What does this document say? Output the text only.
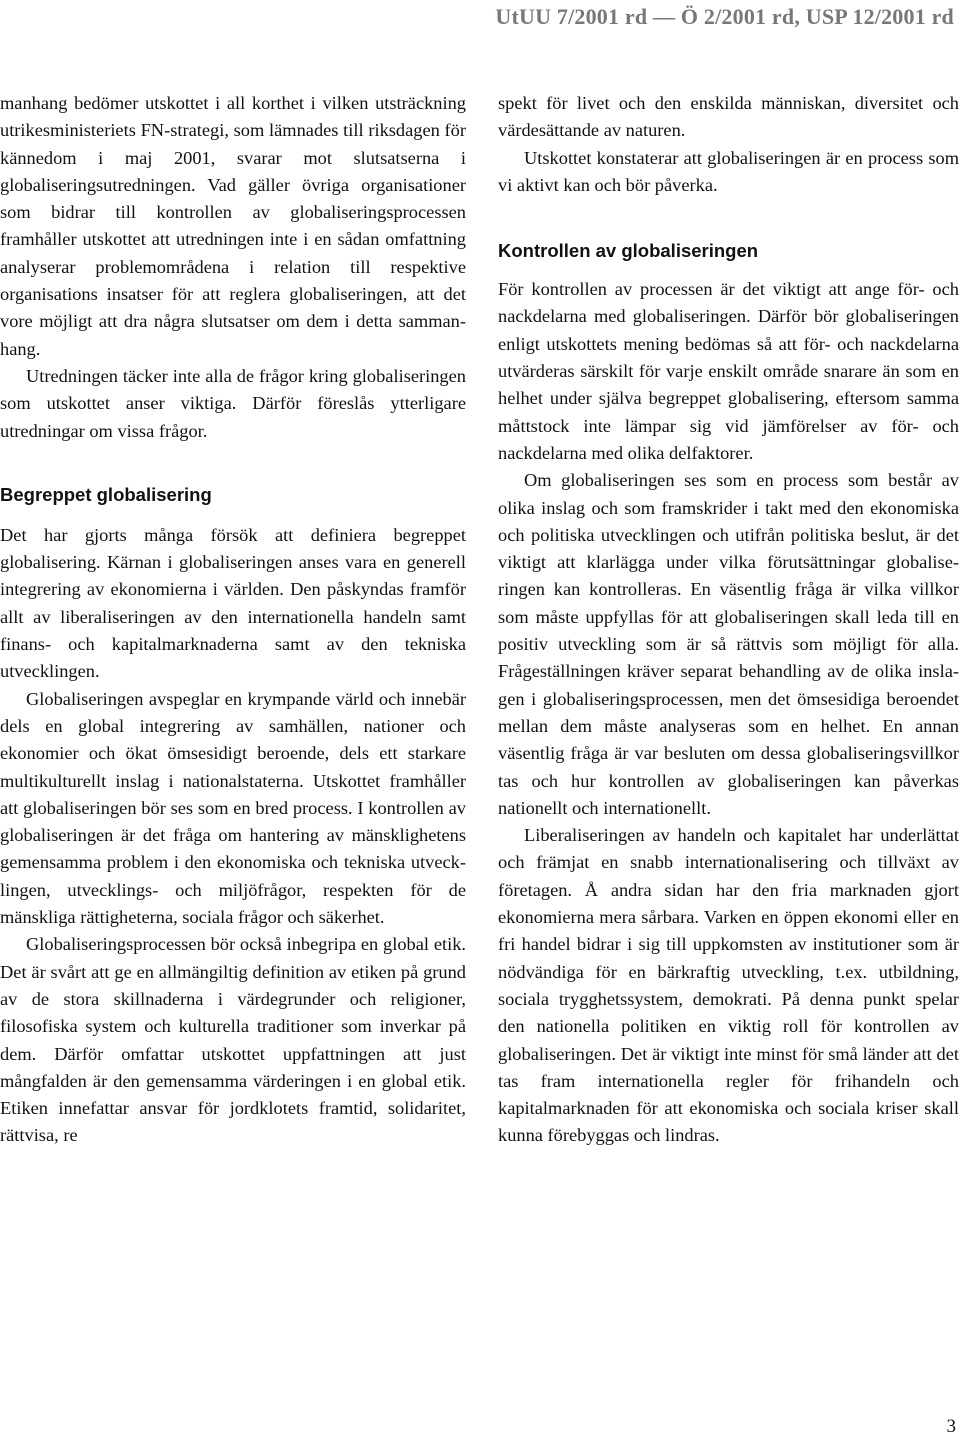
UtUU 7/2001 rd — Ö 2/2001 rd, USP 12/2001 rd

manhang bedömer utskottet i all korthet i vilken utsträckning utrikesministeriets FN-strategi, som lämnades till riksdagen för kännedom i maj 2001, svarar mot slutsatserna i globaliseringsutredningen. Vad gäller övriga organisationer som bidrar till kontrollen av globaliseringsprocessen framhåller utskottet att utredningen inte i en sådan omfattning analyserar problemområdena i relation till respektive organisations insatser för att reglera globaliseringen, att det vore möjligt att dra några slutsatser om dem i detta sammanhang.

Utredningen täcker inte alla de frågor kring globaliseringen som utskottet anser viktiga. Därför föreslås ytterligare utredningar om vissa frågor.

Begreppet globalisering

Det har gjorts många försök att definiera begreppet globalisering. Kärnan i globaliseringen anses vara en generell integrering av ekonomierna i världen. Den påskyndas framför allt av liberaliseringen av den internationella handeln samt finans- och kapitalmarknaderna samt av den tekniska utvecklingen.

Globaliseringen avspeglar en krympande värld och innebär dels en global integrering av samhällen, nationer och ekonomier och ökat ömsesidigt beroende, dels ett starkare multikulturellt inslag i nationalstaterna. Utskottet framhåller att globaliseringen bör ses som en bred process. I kontrollen av globaliseringen är det fråga om hantering av mänsklighetens gemensamma problem i den ekonomiska och tekniska utvecklingen, utvecklings- och miljöfrågor, respekten för de mänskliga rättigheterna, sociala frågor och säkerhet.

Globaliseringsprocessen bör också inbegripa en global etik. Det är svårt att ge en allmängiltig definition av etiken på grund av de stora skillnaderna i värdegrunder och religioner, filosofiska system och kulturella traditioner som inverkar på dem. Därför omfattar utskottet uppfattningen att just mångfalden är den gemensamma värderingen i en global etik. Etiken innefattar ansvar för jordklotets framtid, solidaritet, rättvisa, re

spekt för livet och den enskilda människan, diversitet och värdesättande av naturen.

Utskottet konstaterar att globaliseringen är en process som vi aktivt kan och bör påverka.

Kontrollen av globaliseringen

För kontrollen av processen är det viktigt att ange för- och nackdelarna med globaliseringen. Därför bör globaliseringen enligt utskottets mening bedömas så att för- och nackdelarna utvärderas särskilt för varje enskilt område snarare än som en helhet under själva begreppet globalisering, eftersom samma måttstock inte lämpar sig vid jämförelser av för- och nackdelarna med olika delfaktorer.

Om globaliseringen ses som en process som består av olika inslag och som framskrider i takt med den ekonomiska och politiska utvecklingen och utifrån politiska beslut, är det viktigt att klarlägga under vilka förutsättningar globaliseringen kan kontrolleras. En väsentlig fråga är vilka villkor som måste uppfyllas för att globaliseringen skall leda till en positiv utveckling som är så rättvis som möjligt för alla. Frågeställningen kräver separat behandling av de olika inslagen i globaliseringsprocessen, men det ömsesidiga beroendet mellan dem måste analyseras som en helhet. En annan väsentlig fråga är var besluten om dessa globaliseringsvillkor tas och hur kontrollen av globaliseringen kan påverkas nationellt och internationellt.

Liberaliseringen av handeln och kapitalet har underlättat och främjat en snabb internationalisering och tillväxt av företagen. Å andra sidan har den fria marknaden gjort ekonomierna mera sårbara. Varken en öppen ekonomi eller en fri handel bidrar i sig till uppkomsten av institutioner som är nödvändiga för en bärkraftig utveckling, t.ex. utbildning, sociala trygghetssystem, demokrati. På denna punkt spelar den nationella politiken en viktig roll för kontrollen av globaliseringen. Det är viktigt inte minst för små länder att det tas fram internationella regler för frihandeln och kapitalmarknaden för att ekonomiska och sociala kriser skall kunna förebyggas och lindras.

3
